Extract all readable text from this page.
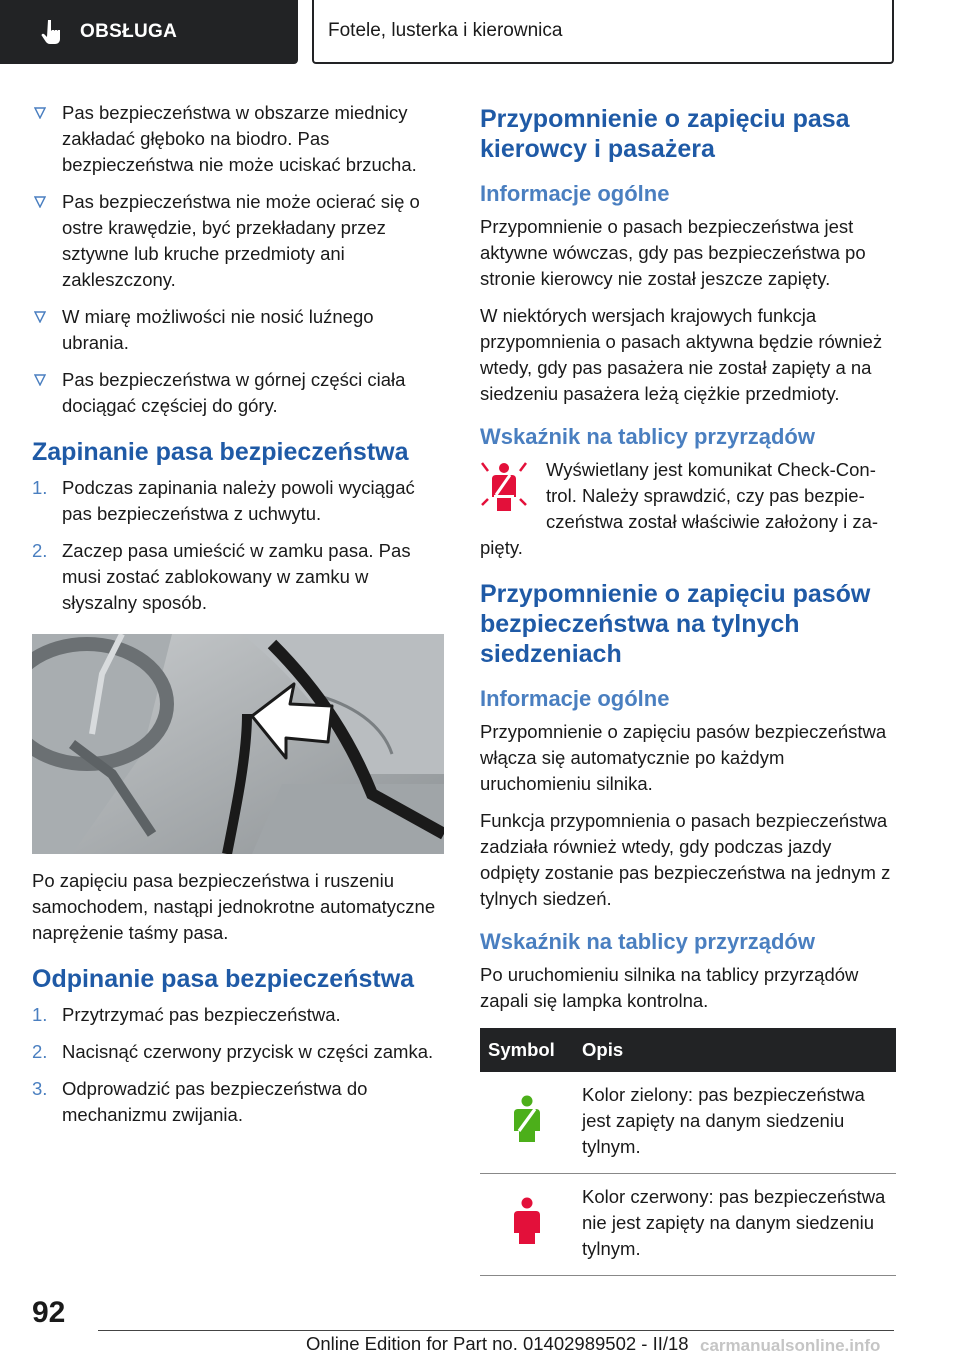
OBSŁUGA	Fotele, lusterka i kierownica
Pas bezpieczeństwa w obszarze miednicy zakładać głęboko na biodro. Pas bezpieczeństwa nie może uciskać brzucha.
Pas bezpieczeństwa nie może ocierać się o ostre krawędzie, być przekładany przez sztywne lub kruche przedmioty ani zakleszczony.
W miarę możliwości nie nosić luźnego ubrania.
Pas bezpieczeństwa w górnej części ciała dociągać częściej do góry.
Zapinanie pasa bezpieczeństwa
1. Podczas zapinania należy powoli wyciągać pas bezpieczeństwa z uchwytu.
2. Zaczep pasa umieścić w zamku pasa. Pas musi zostać zablokowany w zamku w słyszalny sposób.

Po zapięciu pasa bezpieczeństwa i ruszeniu samochodem, nastąpi jednokrotne automatyczne naprężenie taśmy pasa.

Odpinanie pasa bezpieczeństwa
1. Przytrzymać pas bezpieczeństwa.
2. Nacisnąć czerwony przycisk w części zamka.
3. Odprowadzić pas bezpieczeństwa do mechanizmu zwijania.
Przypomnienie o zapięciu pasa kierowcy i pasażera
Informacje ogólne

Przypomnienie o pasach bezpieczeństwa jest aktywne wówczas, gdy pas bezpieczeństwa po stronie kierowcy nie został jeszcze zapięty.

W niektórych wersjach krajowych funkcja przypomnienia o pasach aktywna będzie również wtedy, gdy pas pasażera nie został zapięty a na siedzeniu pasażera leżą ciężkie przedmioty.

Wskaźnik na tablicy przyrządów

Wyświetlany jest komunikat Check-Con-
trol. Należy sprawdzić, czy pas bezpie-
czeństwa został właściwie założony i za-
pięty.

Przypomnienie o zapięciu pasów bezpieczeństwa na tylnych siedzeniach
Informacje ogólne

Przypomnienie o zapięciu pasów bezpieczeństwa włącza się automatycznie po każdym uruchomieniu silnika.

Funkcja przypomnienia o pasach bezpieczeństwa zadziała również wtedy, gdy podczas jazdy odpięty zostanie pas bezpieczeństwa na jednym z tylnych siedzeń.

Wskaźnik na tablicy przyrządów

Po uruchomieniu silnika na tablicy przyrządów zapali się lampka kontrolna.

Symbol	Opis
	Kolor zielony: pas bezpieczeństwa jest zapięty na danym siedzeniu tylnym.
	Kolor czerwony: pas bezpieczeństwa nie jest zapięty na danym siedzeniu tylnym.
92
Online Edition for Part no. 01402989502 - II/18 carmanualsonline.info
